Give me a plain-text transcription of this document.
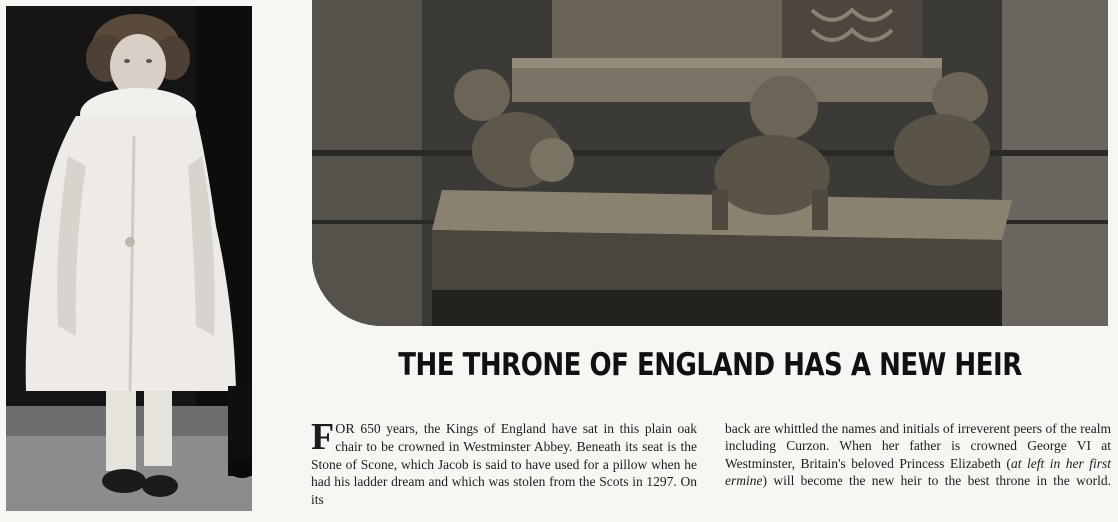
THE THRONE OF ENGLAND HAS A NEW HEIR
FOR 650 years, the Kings of England have sat in this plain oak chair to be crowned in Westminster Abbey. Beneath its seat is the Stone of Scone, which Jacob is said to have used for a pillow when he had his ladder dream and which was stolen from the Scots in 1297. On its
back are whittled the names and initials of irreverent peers of the realm including Curzon. When her father is crowned George VI at Westminster, Britain's beloved Princess Elizabeth (at left in her first ermine) will become the new heir to the best throne in the world.
